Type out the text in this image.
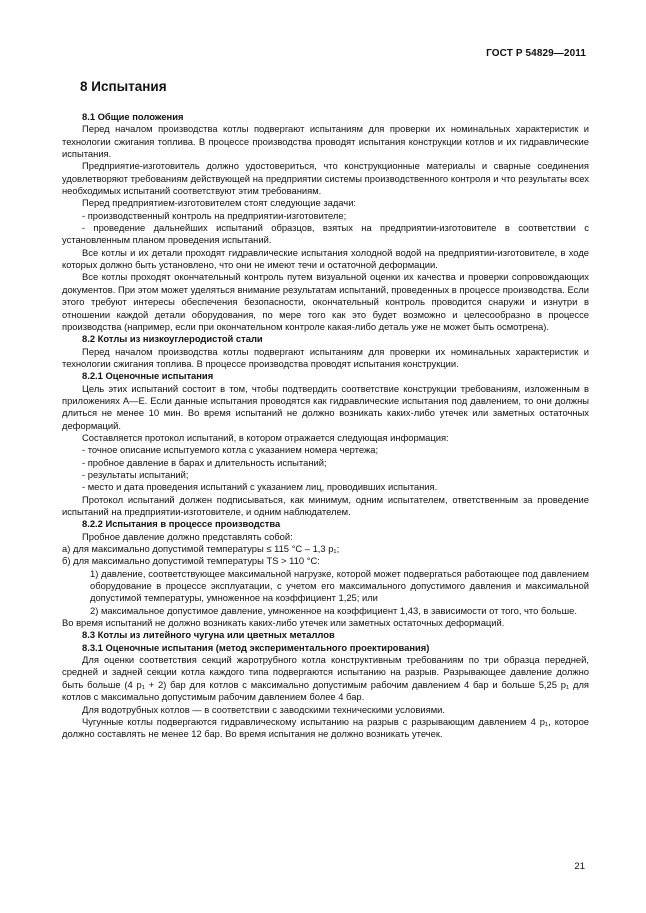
ГОСТ Р 54829—2011
8 Испытания

8.1 Общие положения

Перед началом производства котлы подвергают испытаниям для проверки их номинальных характеристик и технологии сжигания топлива. В процессе производства проводят испытания конструкции котлов и их гидравлические испытания.

Предприятие-изготовитель должно удостовериться, что конструкционные материалы и сварные соединения удовлетворяют требованиям действующей на предприятии системы производственного контроля и что результаты всех необходимых испытаний соответствуют этим требованиям.

Перед предприятием-изготовителем стоят следующие задачи:

- производственный контроль на предприятии-изготовителе;

- проведение дальнейших испытаний образцов, взятых на предприятии-изготовителе в соответствии с установленным планом проведения испытаний.

Все котлы и их детали проходят гидравлические испытания холодной водой на предприятии-изготовителе, в ходе которых должно быть установлено, что они не имеют течи и остаточной деформации.

Все котлы проходят окончательный контроль путем визуальной оценки их качества и проверки сопровождающих документов. При этом может уделяться внимание результатам испытаний, проведенных в процессе производства. Если этого требуют интересы обеспечения безопасности, окончательный контроль проводится снаружи и изнутри в отношении каждой детали оборудования, по мере того как это будет возможно и целесообразно в процессе производства (например, если при окончательном контроле какая-либо деталь уже не может быть осмотрена).

8.2 Котлы из низкоуглеродистой стали

Перед началом производства котлы подвергают испытаниям для проверки их номинальных характеристик и технологии сжигания топлива. В процессе производства проводят испытания конструкции.

8.2.1 Оценочные испытания

Цель этих испытаний состоит в том, чтобы подтвердить соответствие конструкции требованиям, изложенным в приложениях А—Е. Если данные испытания проводятся как гидравлические испытания под давлением, то они должны длиться не менее 10 мин. Во время испытаний не должно возникать каких-либо утечек или заметных остаточных деформаций.

Составляется протокол испытаний, в котором отражается следующая информация:

- точное описание испытуемого котла с указанием номера чертежа;

- пробное давление в барах и длительность испытаний;

- результаты испытаний;

- место и дата проведения испытаний с указанием лиц, проводивших испытания.

Протокол испытаний должен подписываться, как минимум, одним испытателем, ответственным за проведение испытаний на предприятии-изготовителе, и одним наблюдателем.

8.2.2 Испытания в процессе производства

Пробное давление должно представлять собой:

а) для максимально допустимой температуры ≤ 115 °С – 1,3 p₁;

б) для максимально допустимой температуры TS > 110 °С:

1) давление, соответствующее максимальной нагрузке, которой может подвергаться работающее под давлением оборудование в процессе эксплуатации, с учетом его максимального допустимого давления и максимальной допустимой температуры, умноженное на коэффициент 1,25; или

2) максимальное допустимое давление, умноженное на коэффициент 1,43, в зависимости от того, что больше.

Во время испытаний не должно возникать каких-либо утечек или заметных остаточных деформаций.

8.3 Котлы из литейного чугуна или цветных металлов

8.3.1 Оценочные испытания (метод экспериментального проектирования)

Для оценки соответствия секций жаротрубного котла конструктивным требованиям по три образца передней, средней и задней секции котла каждого типа подвергаются испытанию на разрыв. Разрывающее давление должно быть больше (4 p₁ + 2) бар для котлов с максимально допустимым рабочим давлением 4 бар и больше 5,25 p₁ для котлов с максимально допустимым рабочим давлением более 4 бар.

Для водотрубных котлов — в соответствии с заводскими техническими условиями.

Чугунные котлы подвергаются гидравлическому испытанию на разрыв с разрывающим давлением 4 p₁, которое должно составлять не менее 12 бар. Во время испытания не должно возникать утечек.

21
